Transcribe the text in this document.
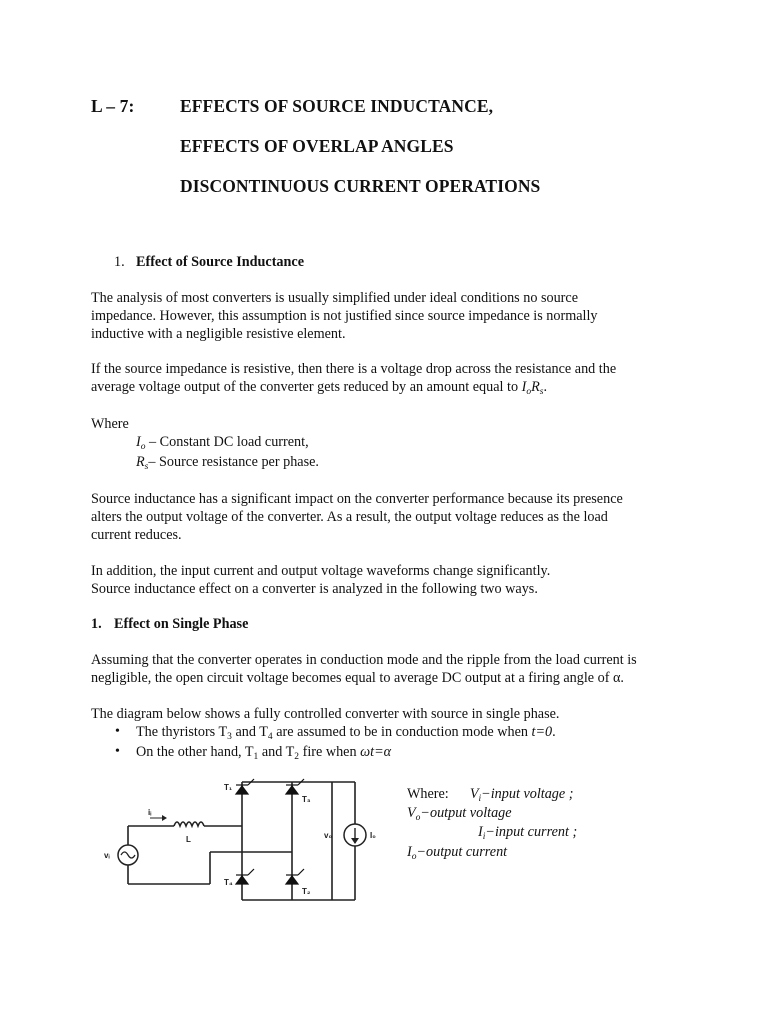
L – 7:	EFFECTS OF SOURCE INDUCTANCE,
EFFECTS OF OVERLAP ANGLES
DISCONTINUOUS CURRENT OPERATIONS
1. Effect of Source Inductance

The analysis of most converters is usually simplified under ideal conditions no source
impedance. However, this assumption is not justified since source impedance is normally
inductive with a negligible resistive element.

If the source impedance is resistive, then there is a voltage drop across the resistance and the
average voltage output of the converter gets reduced by an amount equal to $I_oR_s$.

Where
$I_o$ – Constant DC load current,
$R_s-$ Source resistance per phase.

Source inductance has a significant impact on the converter performance because its presence
alters the output voltage of the converter. As a result, the output voltage reduces as the load
current reduces.

In addition, the input current and output voltage waveforms change significantly.
Source inductance effect on a converter is analyzed in the following two ways.

1. Effect on Single Phase

Assuming that the converter operates in conduction mode and the ripple from the load current is
negligible, the open circuit voltage becomes equal to average DC output at a firing angle of α.

The diagram below shows a fully controlled converter with source in single phase.

• The thyristors $T_3$ and $T_4$ are assumed to be in conduction mode when t=0.
• On the other hand, $T_1$ and $T_2$ fire when ωt=α
T₁
T₃
T₄
T₂
iᵢ
L
vᵢ
v₀	I₀
Where: $V_i-input$ voltage ;
$V_o-output$ voltage
$I_i-input$ current ;
$I_o-output$ current
